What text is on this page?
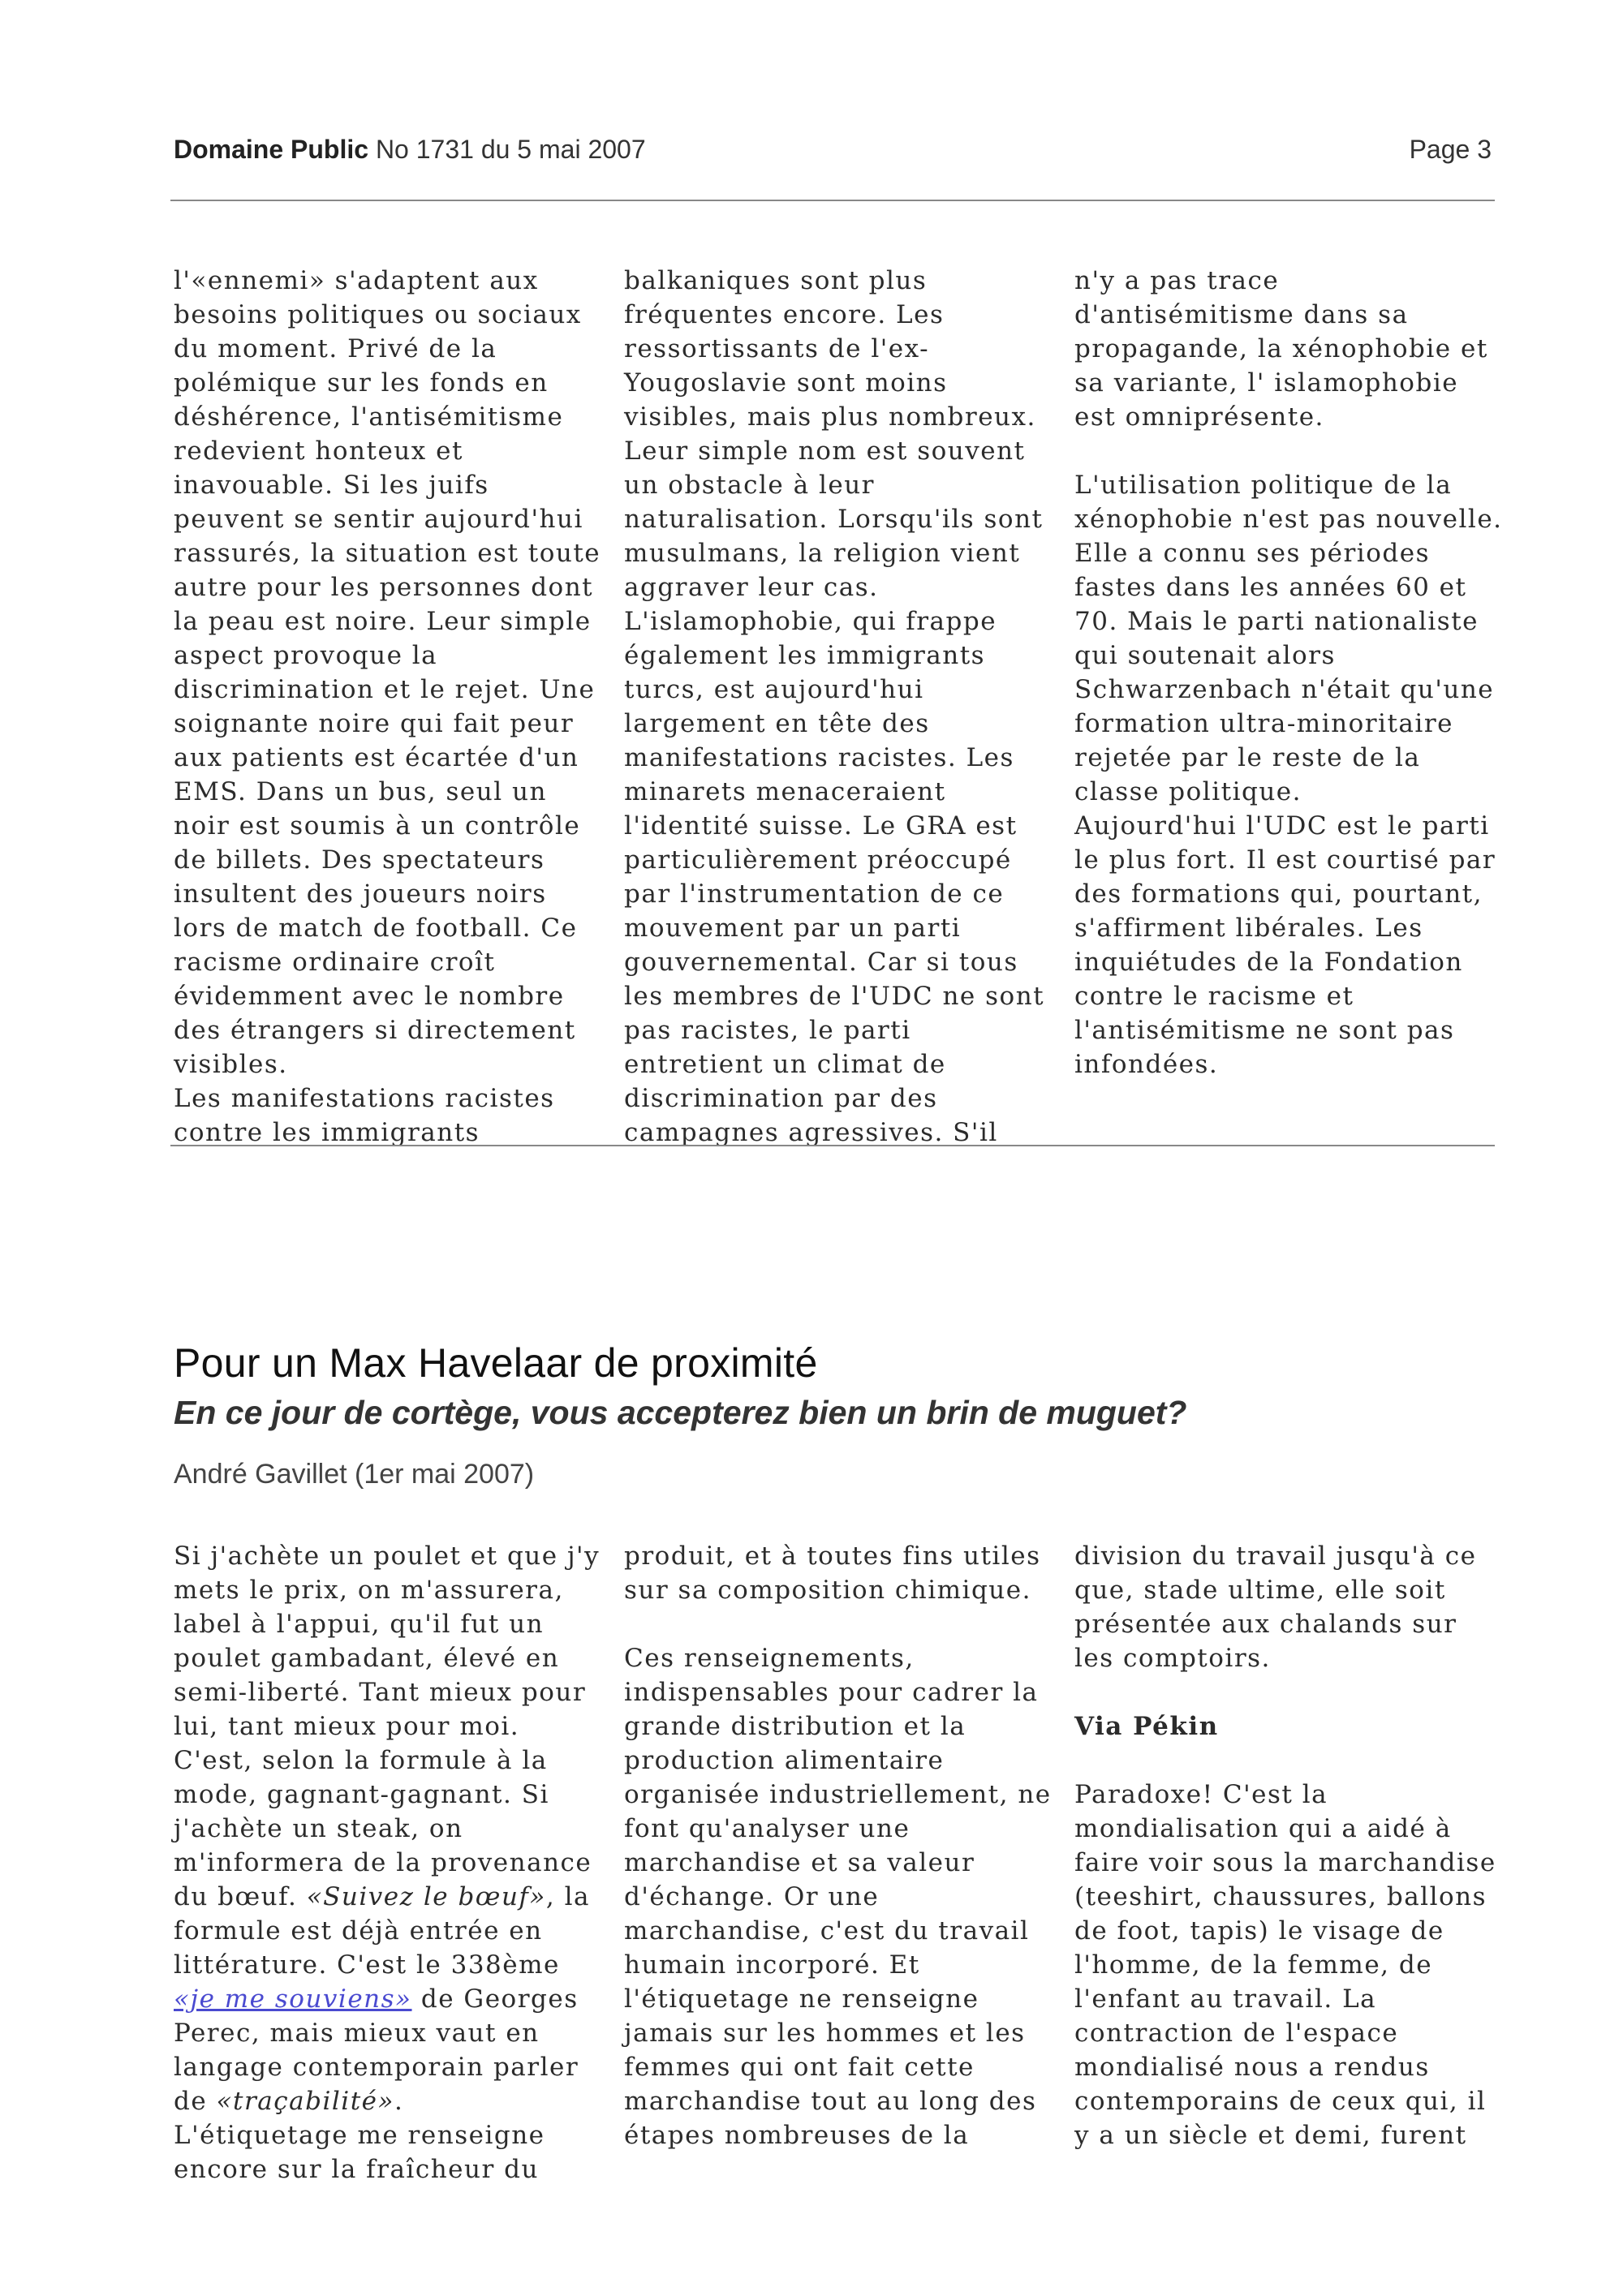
Domaine Public No 1731 du 5 mai 2007	Page 3

l'«ennemi» s'adaptent aux besoins politiques ou sociaux du moment. Privé de la polémique sur les fonds en déshérence, l'antisémitisme redevient honteux et inavouable. Si les juifs peuvent se sentir aujourd'hui rassurés, la situation est toute autre pour les personnes dont la peau est noire. Leur simple aspect provoque la discrimination et le rejet. Une soignante noire qui fait peur aux patients est écartée d'un EMS. Dans un bus, seul un noir est soumis à un contrôle de billets. Des spectateurs insultent des joueurs noirs lors de match de football. Ce racisme ordinaire croît évidemment avec le nombre des étrangers si directement visibles.

Les manifestations racistes contre les immigrants

balkaniques sont plus fréquentes encore. Les ressortissants de l'ex-Yougoslavie sont moins visibles, mais plus nombreux. Leur simple nom est souvent un obstacle à leur naturalisation. Lorsqu'ils sont musulmans, la religion vient aggraver leur cas.

L'islamophobie, qui frappe également les immigrants turcs, est aujourd'hui largement en tête des manifestations racistes. Les minarets menaceraient l'identité suisse. Le GRA est particulièrement préoccupé par l'instrumentation de ce mouvement par un parti gouvernemental. Car si tous les membres de l'UDC ne sont pas racistes, le parti entretient un climat de discrimination par des campagnes agressives. S'il

n'y a pas trace d'antisémitisme dans sa propagande, la xénophobie et sa variante, l' islamophobie est omniprésente.

L'utilisation politique de la xénophobie n'est pas nouvelle. Elle a connu ses périodes fastes dans les années 60 et 70. Mais le parti nationaliste qui soutenait alors Schwarzenbach n'était qu'une formation ultra-minoritaire rejetée par le reste de la classe politique.

Aujourd'hui l'UDC est le parti le plus fort. Il est courtisé par des formations qui, pourtant, s'affirment libérales. Les inquiétudes de la Fondation contre le racisme et l'antisémitisme ne sont pas infondées.

Pour un Max Havelaar de proximité
En ce jour de cortège, vous accepterez bien un brin de muguet?
André Gavillet (1er mai 2007)

Si j'achète un poulet et que j'y mets le prix, on m'assurera, label à l'appui, qu'il fut un poulet gambadant, élevé en semi-liberté. Tant mieux pour lui, tant mieux pour moi. C'est, selon la formule à la mode, gagnant-gagnant. Si j'achète un steak, on m'informera de la provenance du bœuf. «Suivez le bœuf», la formule est déjà entrée en littérature. C'est le 338ème «je me souviens» de Georges Perec, mais mieux vaut en langage contemporain parler de «traçabilité».

L'étiquetage me renseigne encore sur la fraîcheur du

produit, et à toutes fins utiles sur sa composition chimique.

Ces renseignements, indispensables pour cadrer la grande distribution et la production alimentaire organisée industriellement, ne font qu'analyser une marchandise et sa valeur d'échange. Or une marchandise, c'est du travail humain incorporé. Et l'étiquetage ne renseigne jamais sur les hommes et les femmes qui ont fait cette marchandise tout au long des étapes nombreuses de la

division du travail jusqu'à ce que, stade ultime, elle soit présentée aux chalands sur les comptoirs.

Via Pékin

Paradoxe! C'est la mondialisation qui a aidé à faire voir sous la marchandise (teeshirt, chaussures, ballons de foot, tapis) le visage de l'homme, de la femme, de l'enfant au travail. La contraction de l'espace mondialisé nous a rendus contemporains de ceux qui, il y a un siècle et demi, furent
